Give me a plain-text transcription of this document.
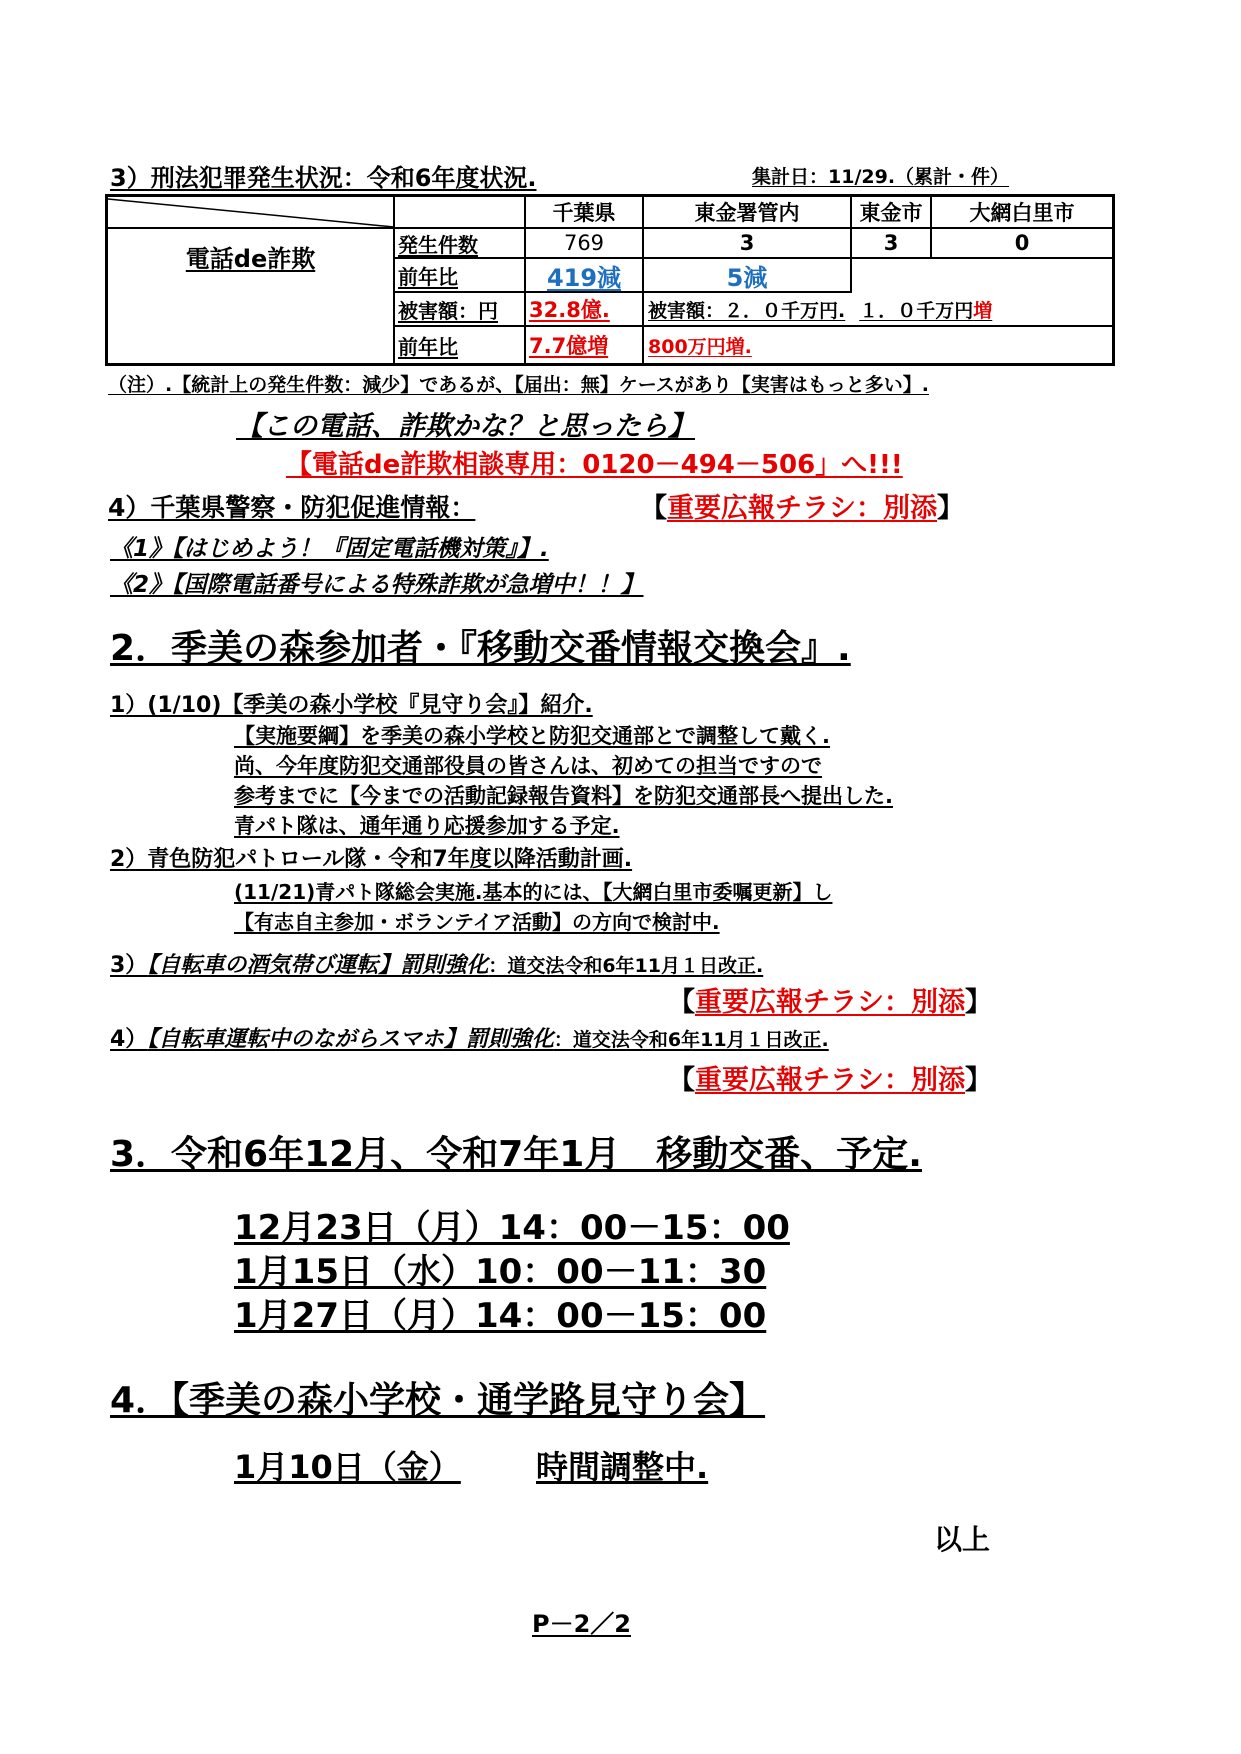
3）刑法犯罪発生状況：令和6年度状況.	集計日：11/29.（累計・件）
千葉県	東金署管内	東金市	大網白里市
電話de詐欺
発生件数	769	3	3	0
前年比	419減	5減
被害額：円	32.8億.	被害額：２．０千万円. １．０千万円 増
前年比	7.7億増	800万円増.
（注）.【統計上の発生件数：減少】であるが、【届出：無】ケースがあり【実害はもっと多い】.
【この電話、詐欺かな？と思ったら】
【電話de詐欺相談専用：0120－494－506」へ!!!
4）千葉県警察・防犯促進情報：	【重要広報チラシ：別添】
《1》【はじめよう！『固定電話機対策』】.
《2》【国際電話番号による特殊詐欺が急増中！！】
2．季美の森参加者・『移動交番情報交換会』.
1）(1/10)【季美の森小学校『見守り会』】紹介.
【実施要綱】を季美の森小学校と防犯交通部とで調整して戴く.
尚、今年度防犯交通部役員の皆さんは、初めての担当ですので
参考までに【今までの活動記録報告資料】を防犯交通部長へ提出した.
青パト隊は、通年通り応援参加する予定.
2）青色防犯パトロール隊・令和7年度以降活動計画.
(11/21)青パト隊総会実施.基本的には、【大網白里市委嘱更新】し
【有志自主参加・ボランテイア活動】の方向で検討中.
3）【自転車の酒気帯び運転】罰則強化：道交法令和6年11月１日改正.
【重要広報チラシ：別添】
4）【自転車運転中のながらスマホ】罰則強化：道交法令和6年11月１日改正.
【重要広報チラシ：別添】
3．令和6年12月、令和7年1月　移動交番、予定.
12月23日（月）14：00－15：00
1月15日（水）10：00－11：30
1月27日（月）14：00－15：00
4．【季美の森小学校・通学路見守り会】
1月10日（金） 時間調整中.
以上
P－2／2
